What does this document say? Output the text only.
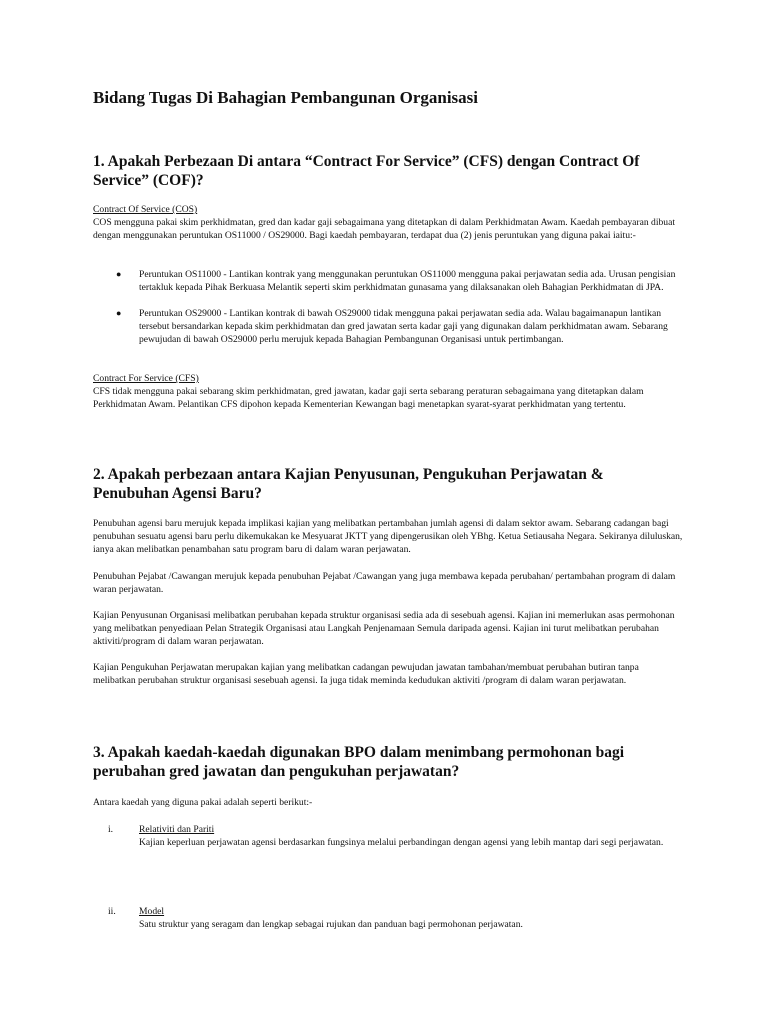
Bidang Tugas Di Bahagian Pembangunan Organisasi
1. Apakah Perbezaan Di antara “Contract For Service” (CFS) dengan Contract Of Service” (COF)?
Contract Of Service (COS)

COS mengguna pakai skim perkhidmatan, gred dan kadar gaji sebagaimana yang ditetapkan di dalam Perkhidmatan Awam. Kaedah pembayaran dibuat dengan menggunakan peruntukan OS11000 / OS29000. Bagi kaedah pembayaran, terdapat dua (2) jenis peruntukan yang diguna pakai iaitu:-

● Peruntukan OS11000 - Lantikan kontrak yang menggunakan peruntukan OS11000 mengguna pakai perjawatan sedia ada. Urusan pengisian tertakluk kepada Pihak Berkuasa Melantik seperti skim perkhidmatan gunasama yang dilaksanakan oleh Bahagian Perkhidmatan di JPA.
● Peruntukan OS29000 - Lantikan kontrak di bawah OS29000 tidak mengguna pakai perjawatan sedia ada. Walau bagaimanapun lantikan tersebut bersandarkan kepada skim perkhidmatan dan gred jawatan serta kadar gaji yang digunakan dalam perkhidmatan awam. Sebarang pewujudan di bawah OS29000 perlu merujuk kepada Bahagian Pembangunan Organisasi untuk pertimbangan.
Contract For Service (CFS)

CFS tidak mengguna pakai sebarang skim perkhidmatan, gred jawatan, kadar gaji serta sebarang peraturan sebagaimana yang ditetapkan dalam Perkhidmatan Awam. Pelantikan CFS dipohon kepada Kementerian Kewangan bagi menetapkan syarat-syarat perkhidmatan yang tertentu.

2. Apakah perbezaan antara Kajian Penyusunan, Pengukuhan Perjawatan & Penubuhan Agensi Baru?

Penubuhan agensi baru merujuk kepada implikasi kajian yang melibatkan pertambahan jumlah agensi di dalam sektor awam. Sebarang cadangan bagi penubuhan sesuatu agensi baru perlu dikemukakan ke Mesyuarat JKTT yang dipengerusikan oleh YBhg. Ketua Setiausaha Negara. Sekiranya diluluskan, ianya akan melibatkan penambahan satu program baru di dalam waran perjawatan.

Penubuhan Pejabat /Cawangan merujuk kepada penubuhan Pejabat /Cawangan yang juga membawa kepada perubahan/ pertambahan program di dalam waran perjawatan.

Kajian Penyusunan Organisasi melibatkan perubahan kepada struktur organisasi sedia ada di sesebuah agensi. Kajian ini memerlukan asas permohonan yang melibatkan penyediaan Pelan Strategik Organisasi atau Langkah Penjenamaan Semula daripada agensi. Kajian ini turut melibatkan perubahan aktiviti/program di dalam waran perjawatan.

Kajian Pengukuhan Perjawatan merupakan kajian yang melibatkan cadangan pewujudan jawatan tambahan/membuat perubahan butiran tanpa melibatkan perubahan struktur organisasi sesebuah agensi. Ia juga tidak meminda kedudukan aktiviti /program di dalam waran perjawatan.

3. Apakah kaedah-kaedah digunakan BPO dalam menimbang permohonan bagi perubahan gred jawatan dan pengukuhan perjawatan?

Antara kaedah yang diguna pakai adalah seperti berikut:-

i.	Relativiti dan Pariti
Kajian keperluan perjawatan agensi berdasarkan fungsinya melalui perbandingan dengan agensi yang lebih mantap dari segi perjawatan.
ii. Model
Satu struktur yang seragam dan lengkap sebagai rujukan dan panduan bagi permohonan perjawatan.
